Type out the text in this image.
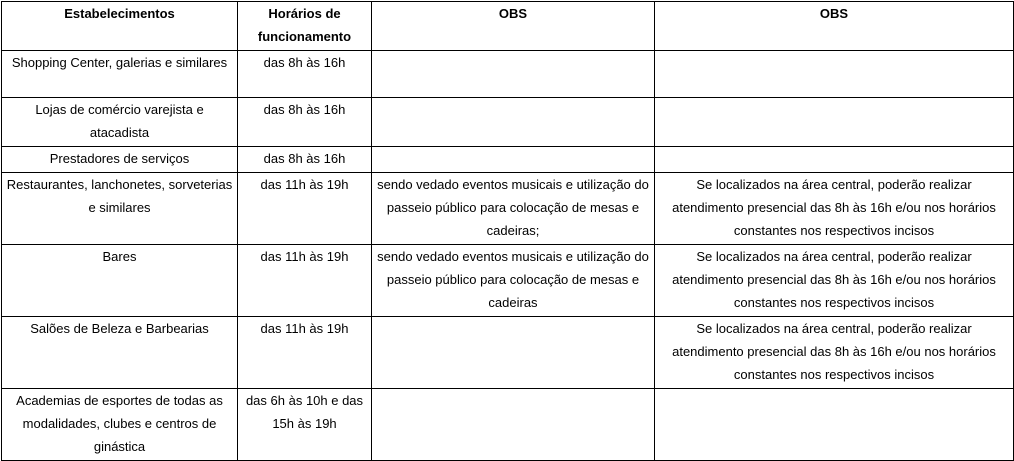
Estabelecimentos	Horários de funcionamento	OBS	OBS
Shopping Center, galerias e similares	das 8h às 16h		
Lojas de comércio varejista e atacadista	das 8h às 16h		
Prestadores de serviços	das 8h às 16h		
Restaurantes, lanchonetes, sorveterias e similares	das 11h às 19h	sendo vedado eventos musicais e utilização do passeio público para colocação de mesas e cadeiras;	Se localizados na área central, poderão realizar atendimento presencial das 8h às 16h e/ou nos horários constantes nos respectivos incisos
Bares	das 11h às 19h	sendo vedado eventos musicais e utilização do passeio público para colocação de mesas e cadeiras	Se localizados na área central, poderão realizar atendimento presencial das 8h às 16h e/ou nos horários constantes nos respectivos incisos
Salões de Beleza e Barbearias	das 11h às 19h		Se localizados na área central, poderão realizar atendimento presencial das 8h às 16h e/ou nos horários constantes nos respectivos incisos
Academias de esportes de todas as modalidades, clubes e centros de ginástica	das 6h às 10h e das 15h às 19h		
